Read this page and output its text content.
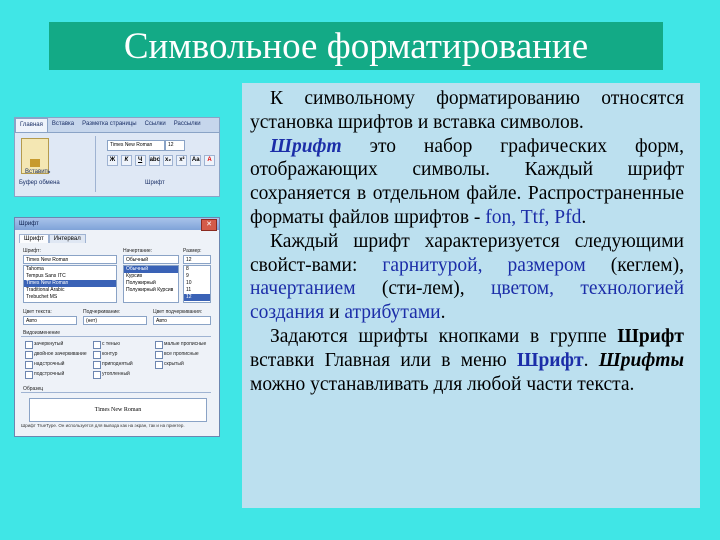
Символьное форматирование
Главная	Вставка	Разметка страницы	Ссылки	Рассылки
Вставить
Times New Roman	12
Ж	К	Ч	abc x₂	x²	Aa	A
Буфер обмена	Шрифт
Шрифт	✕
Шрифт	Интервал
Шрифт:	Начертание:	Размер:
Times New Roman	Обычный	12
Tahoma
Tempus Sans ITC
Times New Roman
Traditional Arabic
Trebuchet MS
Обычный
Курсив
Полужирный
Полужирный Курсив
8
9
10
11
12
Цвет текста:	Подчеркивание:	Цвет подчеркивания:
Авто	(нет)	Авто
Видоизменение
зачеркнутый
двойное зачеркивание
надстрочный
подстрочный
с тенью
контур
приподнятый
утопленный
малые прописные
все прописные
скрытый
Образец
Times New Roman
Шрифт TrueType. Он используется для вывода как на экран, так и на принтер.

К символьному форматированию относятся установка шрифтов и вставка символов.

Шрифт это набор графических форм, отображающих символы. Каждый шрифт сохраняется в отдельном файле. Распространенные форматы файлов шрифтов - fon, Ttf, Pfd.

Каждый шрифт характеризуется следующими свойст-вами: гарнитурой, размером (кеглем), начертанием (сти-лем), цветом, технологией создания и атрибутами.

Задаются шрифты кнопками в группе Шрифт вставки Главная или в меню Шрифт. Шрифты можно устанавливать для любой части текста.
